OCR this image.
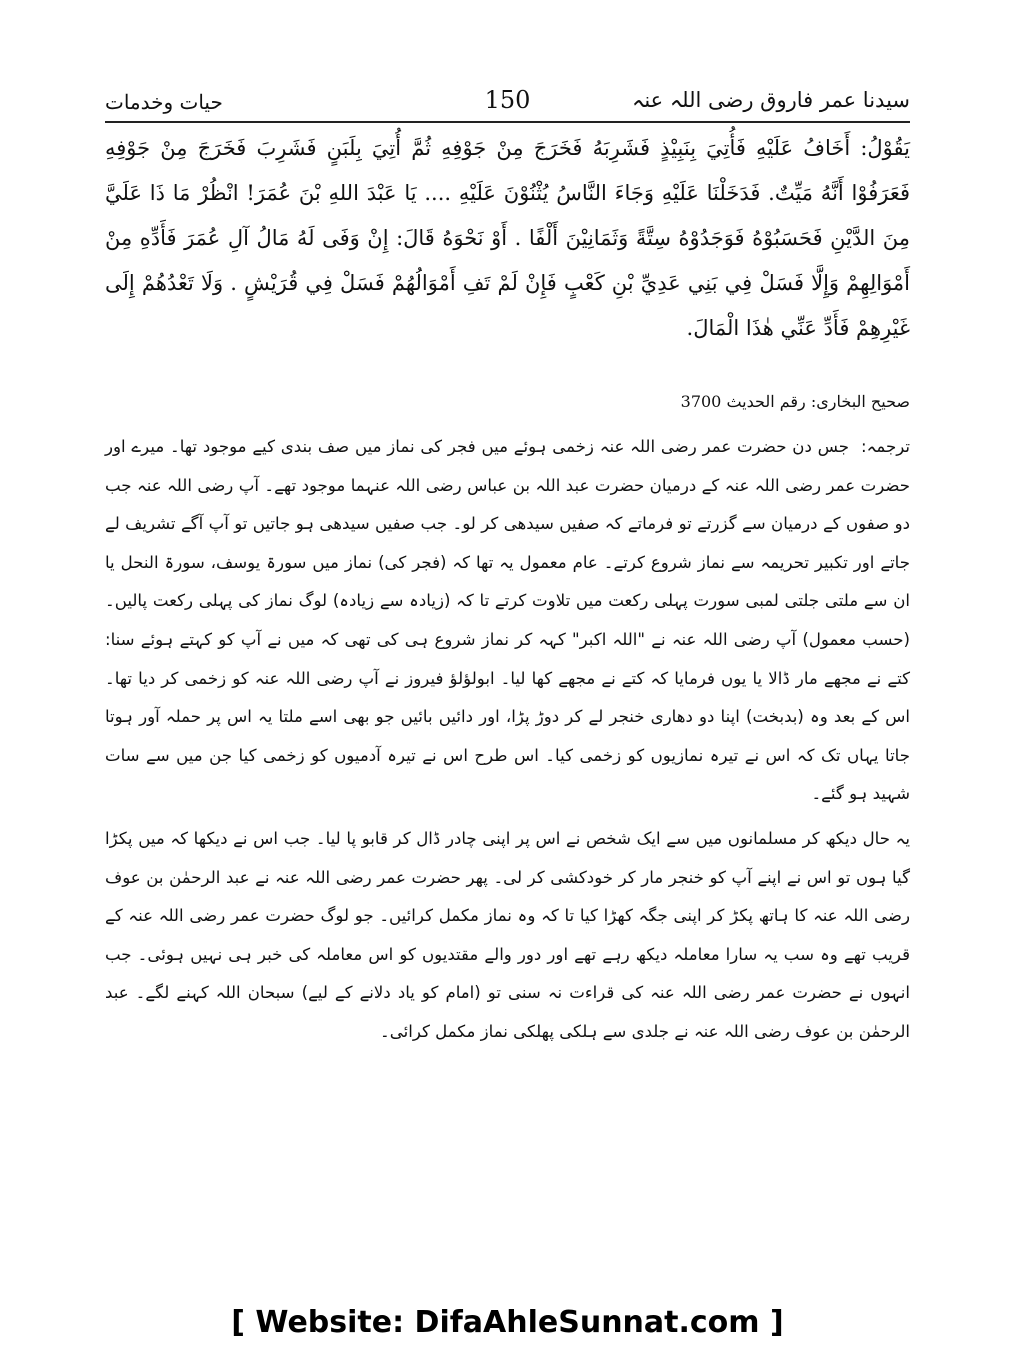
سیدنا عمر فاروق رضی اللہ عنہ
150
حیات وخدمات
يَقُوْلُ: أَخَافُ عَلَيْهِ فَأُتِيَ بِنَبِيْذٍ فَشَرِبَهُ فَخَرَجَ مِنْ جَوْفِهِ ثُمَّ أُتِيَ بِلَبَنٍ فَشَرِبَ فَخَرَجَ مِنْ جَوْفِهِ فَعَرَفُوْا أَنَّهُ مَيِّتٌ. فَدَخَلْنَا عَلَيْهِ وَجَاءَ النَّاسُ يُثْنُوْنَ عَلَيْهِ .... يَا عَبْدَ اللهِ بْنَ عُمَرَ! انْظُرْ مَا ذَا عَلَيَّ مِنَ الدَّيْنِ فَحَسَبُوْهُ فَوَجَدُوْهُ سِتَّةً وَثَمَانِيْنَ أَلْفًا . أَوْ نَحْوَهُ قَالَ: إِنْ وَفَى لَهُ مَالُ آلِ عُمَرَ فَأَدِّهِ مِنْ أَمْوَالِهِمْ وَإِلَّا فَسَلْ فِي بَنِي عَدِيِّ بْنِ كَعْبٍ فَإِنْ لَمْ تَفِ أَمْوَالُهُمْ فَسَلْ فِي قُرَيْشٍ . وَلَا تَعْدُهُمْ إِلَى غَيْرِهِمْ فَأَدِّ عَنِّي هٰذَا الْمَالَ.
صحیح البخاری: رقم الحدیث 3700

ترجمہ:جس دن حضرت عمر رضی اللہ عنہ زخمی ہوئے میں فجر کی نماز میں صف بندی کیے موجود تھا۔ میرے اور حضرت عمر رضی اللہ عنہ کے درمیان حضرت عبد اللہ بن عباس رضی اللہ عنہما موجود تھے۔ آپ رضی اللہ عنہ جب دو صفوں کے درمیان سے گزرتے تو فرماتے کہ صفیں سیدھی کر لو۔ جب صفیں سیدھی ہو جاتیں تو آپ آگے تشریف لے جاتے اور تکبیر تحریمہ سے نماز شروع کرتے۔ عام معمول یہ تھا کہ (فجر کی) نماز میں سورۃ یوسف، سورۃ النحل یا ان سے ملتی جلتی لمبی سورت پہلی رکعت میں تلاوت کرتے تا کہ (زیادہ سے زیادہ) لوگ نماز کی پہلی رکعت پالیں۔ (حسب معمول) آپ رضی اللہ عنہ نے "اللہ اکبر" کہہ کر نماز شروع ہی کی تھی کہ میں نے آپ کو کہتے ہوئے سنا: کتے نے مجھے مار ڈالا یا یوں فرمایا کہ کتے نے مجھے کھا لیا۔ ابولؤلؤ فیروز نے آپ رضی اللہ عنہ کو زخمی کر دیا تھا۔ اس کے بعد وہ (بدبخت) اپنا دو دھاری خنجر لے کر دوڑ پڑا، اور دائیں بائیں جو بھی اسے ملتا یہ اس پر حملہ آور ہوتا جاتا یہاں تک کہ اس نے تیرہ نمازیوں کو زخمی کیا۔ اس طرح اس نے تیرہ آدمیوں کو زخمی کیا جن میں سے سات شہید ہو گئے۔

یہ حال دیکھ کر مسلمانوں میں سے ایک شخص نے اس پر اپنی چادر ڈال کر قابو پا لیا۔ جب اس نے دیکھا کہ میں پکڑا گیا ہوں تو اس نے اپنے آپ کو خنجر مار کر خودکشی کر لی۔ پھر حضرت عمر رضی اللہ عنہ نے عبد الرحمٰن بن عوف رضی اللہ عنہ کا ہاتھ پکڑ کر اپنی جگہ کھڑا کیا تا کہ وہ نماز مکمل کرائیں۔ جو لوگ حضرت عمر رضی اللہ عنہ کے قریب تھے وہ سب یہ سارا معاملہ دیکھ رہے تھے اور دور والے مقتدیوں کو اس معاملہ کی خبر ہی نہیں ہوئی۔ جب انہوں نے حضرت عمر رضی اللہ عنہ کی قراءت نہ سنی تو (امام کو یاد دلانے کے لیے) سبحان اللہ کہنے لگے۔ عبد الرحمٰن بن عوف رضی اللہ عنہ نے جلدی سے ہلکی پھلکی نماز مکمل کرائی۔

[ Website: DifaAhleSunnat.com ]
